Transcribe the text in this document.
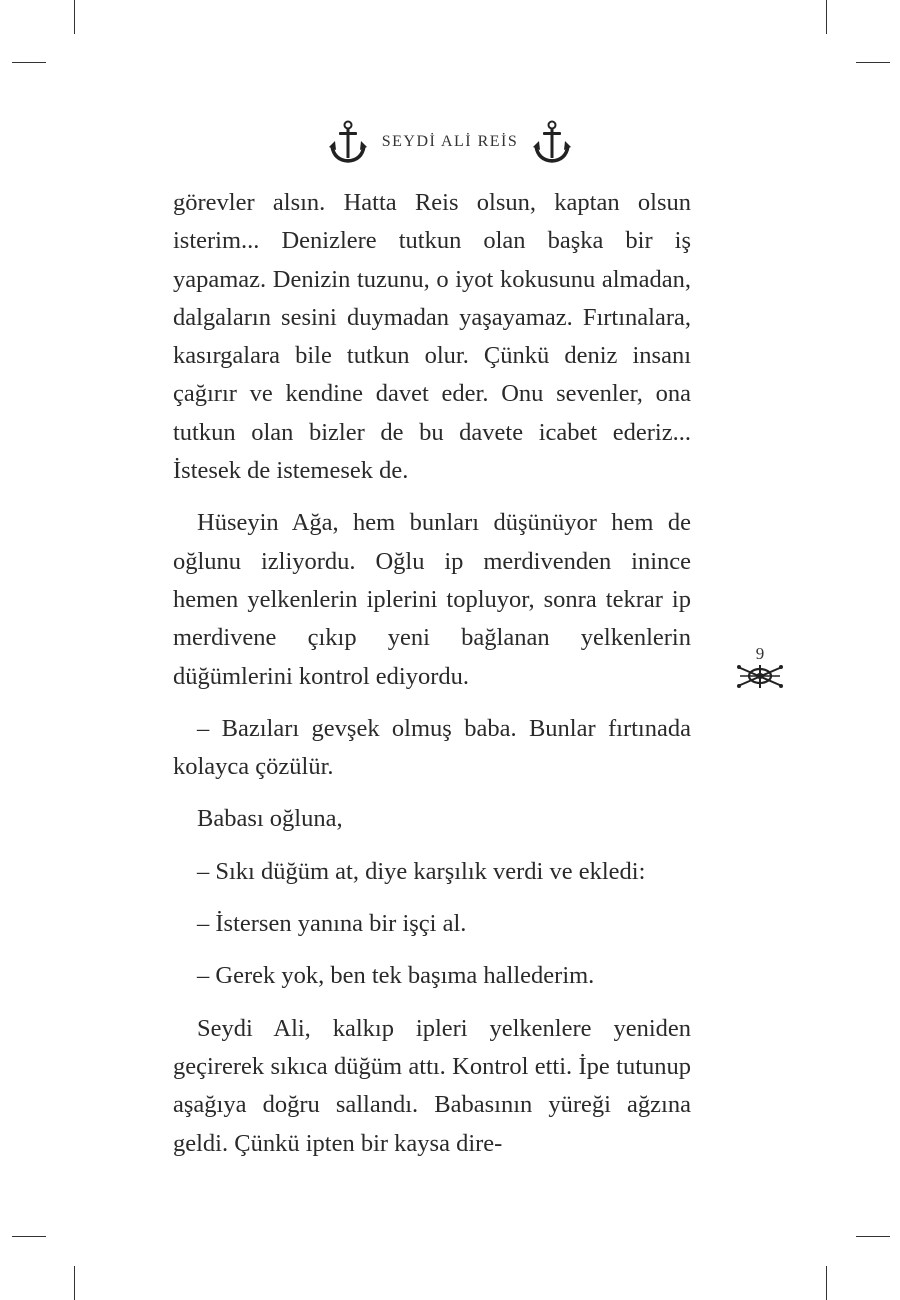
SEYDİ ALİ REİS

görevler alsın. Hatta Reis olsun, kaptan olsun isterim... Denizlere tutkun olan başka bir iş yapamaz. Denizin tuzunu, o iyot kokusunu almadan, dalgaların sesini duymadan yaşayamaz. Fırtınalara, kasırgalara bile tutkun olur. Çünkü deniz insanı çağırır ve kendine davet eder. Onu sevenler, ona tutkun olan bizler de bu davete icabet ederiz... İstesek de istemesek de.

Hüseyin Ağa, hem bunları düşünüyor hem de oğlunu izliyordu. Oğlu ip merdivenden inince hemen yelkenlerin iplerini topluyor, sonra tekrar ip merdivene çıkıp yeni bağlanan yelkenlerin düğümlerini kontrol ediyordu.

– Bazıları gevşek olmuş baba. Bunlar fırtınada kolayca çözülür.

Babası oğluna,

– Sıkı düğüm at, diye karşılık verdi ve ekledi:

– İstersen yanına bir işçi al.

– Gerek yok, ben tek başıma hallederim.

Seydi Ali, kalkıp ipleri yelkenlere yeniden geçirerek sıkıca düğüm attı. Kontrol etti. İpe tutunup aşağıya doğru sallandı. Babasının yüreği ağzına geldi. Çünkü ipten bir kaysa dire-

9
